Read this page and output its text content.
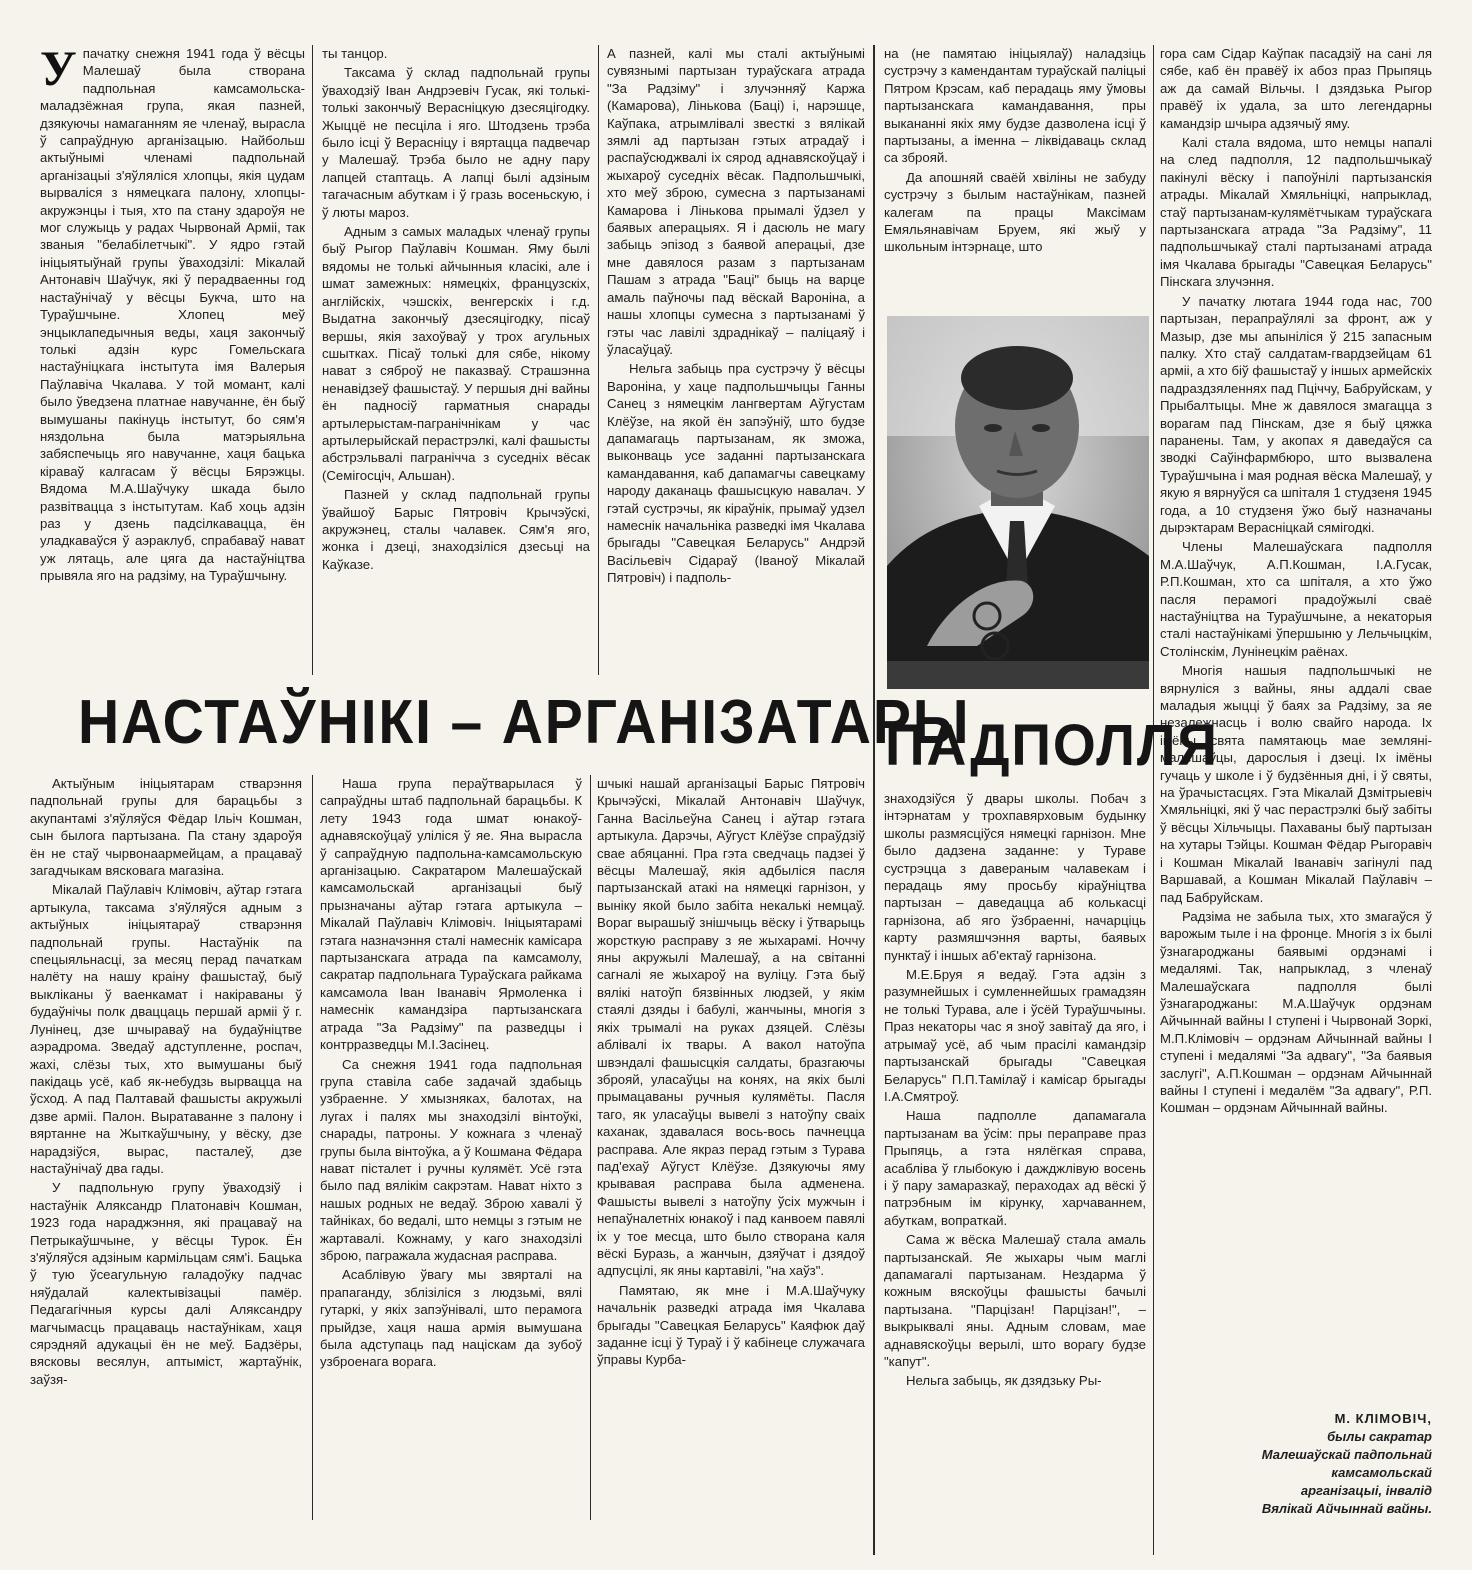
Упачатку снежня 1941 года ў вёсцы Малешаў была створана падпольная камсамольска-маладзёжная група, якая пазней, дзякуючы намаганням яе членаў, вырасла ў сапраўдную арганізацыю. Найбольш актыўнымі членамі падпольнай арганізацыі з'яўляліся хлопцы, якія цудам вырваліся з нямецкага палону, хлопцы-акружэнцы і тыя, хто па стану здароўя не мог служыць у радах Чырвонай Арміі, так званыя "белабілетчыкі". У ядро гэтай ініцыятыўнай групы ўваходзілі: Мікалай Антонавіч Шаўчук, які ў перадваенны год настаўнічаў у вёсцы Букча, што на Тураўшчыне. Хлопец меў энцыклапедычныя веды, хаця закончыў толькі адзін курс Гомельскага настаўніцкага інстытута імя Валерыя Паўлавіча Чкалава. У той момант, калі было ўведзена платнае навучанне, ён быў вымушаны пакінуць інстытут, бо сям'я няздольна была матэрыяльна забяспечыць яго навучанне, хаця бацька кіраваў калгасам ў вёсцы Бярэжцы. Вядома М.А.Шаўчуку шкада было развітвацца з інстытутам. Каб хоць адзін раз у дзень падсілкавацца, ён уладкаваўся ў аэраклуб, спрабаваў нават уж лятаць, але цяга да настаўніцтва прывяла яго на радзіму, на Тураўшчыну.

ты танцор.

Таксама ў склад падпольнай групы ўваходзіў Іван Андрэевіч Гусак, які толькі-толькі закончыў Верасніцкую дзесяцігодку. Жыццё не песціла і яго. Штодзень трэба было ісці ў Верасніцу і вяртацца падвечар у Малешаў. Трэба было не адну пару лапцей стаптаць. А лапці былі адзіным тагачасным абуткам і ў гразь восеньскую, і ў люты мароз.

Адным з самых маладых членаў групы быў Рыгор Паўлавіч Кошман. Яму былі вядомы не толькі айчынныя класікі, але і шмат замежных: нямецкіх, французскіх, англійскіх, чэшскіх, венгерскіх і г.д. Выдатна закончыў дзесяцігодку, пісаў вершы, якія захоўваў у трох агульных сшытках. Пісаў толькі для сябе, нікому нават з сяброў не паказваў. Страшэнна ненавідзеў фашыстаў. У першыя дні вайны ён падносіў гарматныя снарады артылерыстам-пагранічнікам у час артылерыйскай перастрэлкі, калі фашысты абстрэльвалі пагранічча з суседніх вёсак (Семігосціч, Альшан).

Пазней у склад падпольнай групы ўвайшоў Барыс Пятровіч Крычэўскі, акружэнец, сталы чалавек. Сям'я яго, жонка і дзеці, знаходзіліся дзесьці на Каўказе.

А пазней, калі мы сталі актыўнымі сувязнымі партызан тураўскага атрада "За Радзіму" і злучэнняў Каржа (Камарова), Лінькова (Баці) і, нарэшце, Каўпака, атрымлівалі звесткі з вялікай зямлі ад партызан гэтых атрадаў і распаўсюджвалі іх сярод аднавяскоўцаў і жыхароў суседніх вёсак. Падпольшчыкі, хто меў зброю, сумесна з партызанамі Камарова і Лінькова прымалі ўдзел у баявых аперацыях. Я і дасюль не магу забыць эпізод з баявой аперацыі, дзе мне давялося разам з партызанам Пашам з атрада "Баці" быць на варце амаль паўночы пад вёскай Вароніна, а нашы хлопцы сумесна з партызанамі ў гэты час лавілі здраднікаў – паліцаяў і ўласаўцаў.

Нельга забыць пра сустрэчу ў вёсцы Вароніна, у хаце падпольшчыцы Ганны Санец з нямецкім лангвертам Аўгустам Клёўзе, на якой ён запэўніў, што будзе дапамагаць партызанам, як зможа, выконваць усе заданні партызанскага камандавання, каб дапамагчы савецкаму народу даканаць фашысцкую навалач. У гэтай сустрэчы, як кіраўнік, прымаў удзел намеснік начальніка разведкі імя Чкалава брыгады "Савецкая Беларусь" Андрэй Васільевіч Сідараў (Іваноў Мікалай Пятровіч) і падполь-

на (не памятаю ініцыялаў) наладзіць сустрэчу з камендантам тураўскай паліцыі Пятром Крэсам, каб перадаць яму ўмовы партызанскага камандавання, пры выкананні якіх яму будзе дазволена ісці ў партызаны, а іменна – ліквідаваць склад са зброяй.

Да апошняй сваёй хвіліны не забуду сустрэчу з былым настаўнікам, пазней калегам па працы Максімам Емяльянавічам Бруем, які жыў у школьным інтэрнаце, што

гора сам Сідар Каўпак пасадзіў на сані ля сябе, каб ён правёў іх абоз праз Прыпяць аж да самай Вільчы. І дзядзька Рыгор правёў іх удала, за што легендарны камандзір шчыра адзячыў яму.

Калі стала вядома, што немцы напалі на след падполля, 12 падпольшчыкаў пакінулі вёску і папоўнілі партызанскія атрады. Мікалай Хмяльніцкі, напрыклад, стаў партызанам-кулямётчыкам тураўскага партызанскага атрада "За Радзіму", 11 падпольшчыкаў сталі партызанамі атрада імя Чкалава брыгады "Савецкая Беларусь" Пінскага злучэння.

У пачатку лютага 1944 года нас, 700 партызан, перапраўлялі за фронт, аж у Мазыр, дзе мы апыніліся ў 215 запасным палку. Хто стаў салдатам-гвардзейцам 61 арміі, а хто біў фашыстаў у іншых армейскіх падраздзяленнях пад Пціччу, Бабруйскам, у Прыбалтыцы. Мне ж давялося змагацца з ворагам пад Пінскам, дзе я быў цяжка паранены. Там, у акопах я даведаўся са зводкі Саўінфармбюро, што вызвалена Тураўшчына і мая родная вёска Малешаў, у якую я вярнуўся са шпіталя 1 студзеня 1945 года, а 10 студзеня ўжо быў назначаны дырэктарам Верасніцкай сямігодкі.

Члены Малешаўскага падполля М.А.Шаўчук, А.П.Кошман, І.А.Гусак, Р.П.Кошман, хто са шпіталя, а хто ўжо пасля перамогі прадоўжылі сваё настаўніцтва на Тураўшчыне, а некаторыя сталі настаўнікамі ўпершыню у Лельчыцкім, Столінскім, Лунінецкім раёнах.

Многія нашыя падпольшчыкі не вярнуліся з вайны, яны аддалі свае маладыя жыцці ў баях за Радзіму, за яе незалежнасць і волю свайго народа. Іх імёны свята памятаюць мае земляні-малешаўцы, дарослыя і дзеці. Іх імёны гучаць у школе і ў будзённыя дні, і ў святы, на ўрачыстасцях. Гэта Мікалай Дзмітрыевіч Хмяльніцкі, які ў час перастрэлкі быў забіты ў вёсцы Хільчыцы. Пахаваны быў партызан на хутары Тэйцы. Кошман Фёдар Рыгоравіч і Кошман Мікалай Іванавіч загінулі пад Варшавай, а Кошман Мікалай Паўлавіч – пад Бабруйскам.

Радзіма не забыла тых, хто змагаўся ў варожым тыле і на фронце. Многія з іх былі ўзнагароджаны баявымі ордэнамі і медалямі. Так, напрыклад, з членаў Малешаўскага падполля былі ўзнагароджаны: М.А.Шаўчук ордэнам Айчыннай вайны І ступені і Чырвонай Зоркі, М.П.Клімовіч – ордэнам Айчыннай вайны І ступені і медалямі "За адвагу", "За баявыя заслугі", А.П.Кошман – ордэнам Айчыннай вайны І ступені і медалём "За адвагу", Р.П. Кошман – ордэнам Айчыннай вайны.

НАСТАЎНІКІ – АРГАНІЗАТАРЫ
ПАДПОЛЛЯ

Актыўным ініцыятарам стварэння падпольнай групы для барацьбы з акупантамі з'яўляўся Фёдар Ільіч Кошман, сын былога партызана. Па стану здароўя ён не стаў чырвонаармейцам, а працаваў загадчыкам вясковага магазіна.

Мікалай Паўлавіч Клімовіч, аўтар гэтага артыкула, таксама з'яўляўся адным з актыўных ініцыятараў стварэння падпольнай групы. Настаўнік па спецыяльнасці, за месяц перад пачаткам налёту на нашу краіну фашыстаў, быў выкліканы ў ваенкамат і накіраваны ў будаўнічы полк дваццаць першай арміі ў г. Лунінец, дзе шчыраваў на будаўніцтве аэрадрома. Зведаў адступленне, роспач, жахі, слёзы тых, хто вымушаны быў пакідаць усё, каб як-небудзь вырвацца на ўсход. А пад Палтавай фашысты акружылі дзве арміі. Палон. Выратаванне з палону і вяртанне на Жыткаўшчыну, у вёску, дзе нарадзіўся, вырас, пасталеў, дзе настаўнічаў два гады.

У падпольную групу ўваходзіў і настаўнік Аляксандр Платонавіч Кошман, 1923 года нараджэння, які працаваў на Петрыкаўшчыне, у вёсцы Турок. Ён з'яўляўся адзіным кармільцам сям'і. Бацька ў тую ўсеагульную галадоўку падчас няўдалай калектывізацыі памёр. Педагагічныя курсы далі Аляксандру магчымасць працаваць настаўнікам, хаця сярэдняй адукацыі ён не меў. Бадзёры, вясковы весялун, аптыміст, жартаўнік, заўзя-

Наша група пераўтварылася ў сапраўдны штаб падпольнай барацьбы. К лету 1943 года шмат юнакоў-аднавяскоўцаў уліліся ў яе. Яна вырасла ў сапраўдную падпольна-камсамольскую арганізацыю. Сакратаром Малешаўскай камсамольскай арганізацыі быў прызначаны аўтар гэтага артыкула – Мікалай Паўлавіч Клімовіч. Ініцыятарамі гэтага назначэння сталі намеснік камісара партызанскага атрада па камсамолу, сакратар падпольнага Тураўскага райкама камсамола Іван Іванавіч Ярмоленка і намеснік камандзіра партызанскага атрада "За Радзіму" па разведцы і контрразведцы М.І.Засінец.

Са снежня 1941 года падпольная група ставіла сабе задачай здабыць узбраенне. У хмызняках, балотах, на лугах і палях мы знаходзілі вінтоўкі, снарады, патроны. У кожнага з членаў групы была вінтоўка, а ў Кошмана Фёдара нават пісталет і ручны кулямёт. Усё гэта было пад вялікім сакрэтам. Нават ніхто з нашых родных не ведаў. Зброю хавалі ў тайніках, бо ведалі, што немцы з гэтым не жартавалі. Кожнаму, у каго знаходзілі зброю, пагражала жудасная расправа.

Асаблівую ўвагу мы звярталі на прапаганду, зблізіліся з людзьмі, вялі гутаркі, у якіх запэўнівалі, што перамога прыйдзе, хаця наша армія вымушана была адступаць пад націскам да зубоў узброенага ворага.

шчыкі нашай арганізацыі Барыс Пятровіч Крычэўскі, Мікалай Антонавіч Шаўчук, Ганна Васільеўна Санец і аўтар гэтага артыкула. Дарэчы, Аўгуст Клёўзе спраўдзіў свае абяцанні. Пра гэта сведчаць падзеі ў вёсцы Малешаў, якія адбыліся пасля партызанскай атакі на нямецкі гарнізон, у выніку якой было забіта некалькі немцаў. Вораг вырашыў знішчыць вёску і ўтварыць жорсткую расправу з яе жыхарамі. Ноччу яны акружылі Малешаў, а на світанні сагналі яе жыхароў на вуліцу. Гэта быў вялікі натоўп бязвінных людзей, у якім стаялі дзяды і бабулі, жанчыны, многія з якіх трымалі на руках дзяцей. Слёзы аблівалі іх твары. А вакол натоўпа швэндалі фашысцкія салдаты, бразгаючы зброяй, уласаўцы на конях, на якіх былі прымацаваны ручныя кулямёты. Пасля таго, як уласаўцы вывелі з натоўпу сваіх каханак, здавалася вось-вось пачнецца расправа. Але якраз перад гэтым з Турава пад'ехаў Аўгуст Клёўзе. Дзякуючы яму крывавая расправа была адменена. Фашысты вывелі з натоўпу ўсіх мужчын і непаўналетніх юнакоў і пад канвоем павялі іх у тое месца, што было створана каля вёскі Буразь, а жанчын, дзяўчат і дзядоў адпусцілі, як яны картавілі, "на хаўз".

Памятаю, як мне і М.А.Шаўчуку начальнік разведкі атрада імя Чкалава брыгады "Савецкая Беларусь" Каяфюк даў заданне ісці ў Тураў і ў кабінеце служачага ўправы Курба-

знаходзіўся ў двары школы. Побач з інтэрнатам у трохпавярховым будынку школы размясціўся нямецкі гарнізон. Мне было дадзена заданне: у Тураве сустрэцца з даверaным чалавекам і перадаць яму просьбу кіраўніцтва партызан – даведацца аб колькасці гарнізона, аб яго ўзбраенні, начарціць карту размяшчэння варты, баявых пунктаў і іншых аб'ектаў гарнізона.

М.Е.Бруя я ведаў. Гэта адзін з разумнейшых і сумленнейшых грамадзян не толькі Турава, але і ўсёй Тураўшчыны. Праз некаторы час я зноў завітаў да яго, і атрымаў усё, аб чым прасілі камандзір партызанскай брыгады "Савецкая Беларусь" П.П.Тамілаў і камісар брыгады І.А.Смятроў.

Наша падполле дапамагала партызанам ва ўсім: пры пераправе праз Прыпяць, а гэта нялёгкая справа, асабліва ў глыбокую і дажджлівую восень і ў пару замаразкаў, пераходах ад вёскі ў патрэбным ім кірунку, харчаваннем, абуткам, вопраткай.

Сама ж вёска Малешаў стала амаль партызанскай. Яе жыхары чым маглі дапамагалі партызанам. Нездарма ў кожным вяскоўцы фашысты бачылі партызана. "Парцізан! Парцізан!", – выкрыквалі яны. Адным словам, мае аднавяскоўцы верылі, што ворагу будзе "капут".

Нельга забыць, як дзядзьку Ры-

М. КЛІМОВІЧ,
былы сакратар
Малешаўскай падпольнай
камсамольскай
арганізацыі, інвалід
Вялікай Айчыннай вайны.
